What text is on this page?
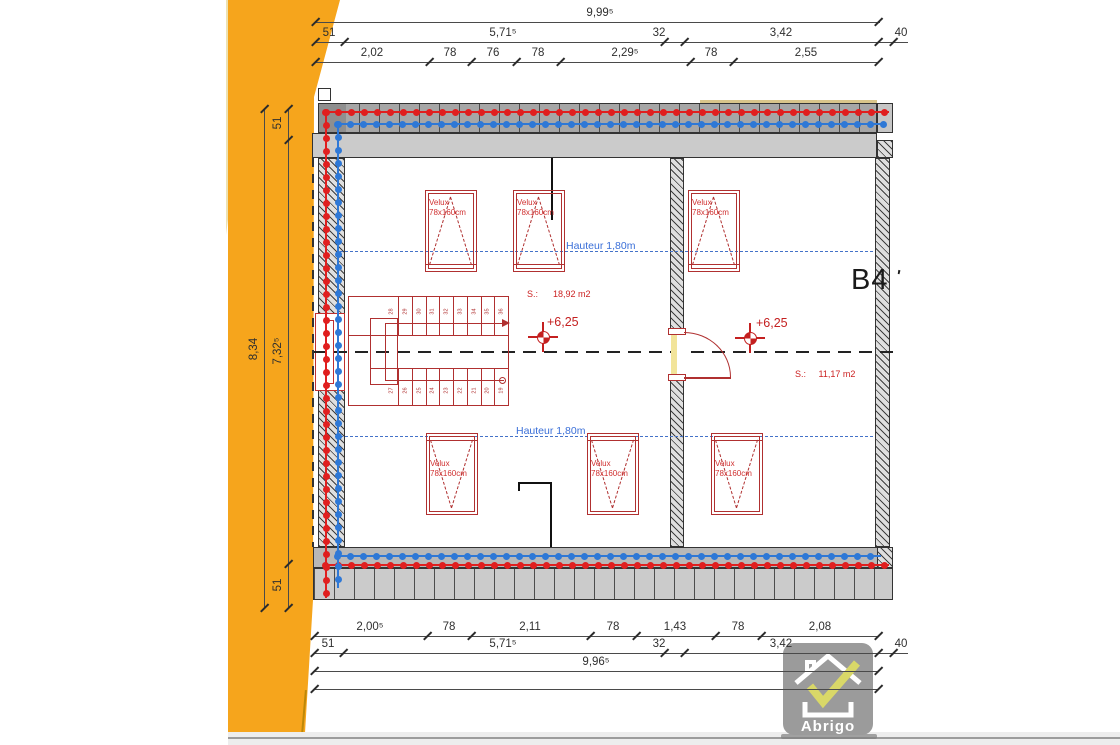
Abrigo
Hauteur 1,80m
Hauteur 1,80m
+6,25	+6,25
S.:      18,92 m2
S.:     11,17 m2
B4 '
Velux
78x160cm
Velux
78x160cm
Velux
78x160cm
Velux
78x160cm
Velux
78x160cm
Velux
78x160cm
28 29 30 31 32 33 34 35 36
27 26 25 24 23 22 21 20 19
9,99⁵
51	5,71⁵	32	3,42	40
2,02	78	76	78	2,29⁵	78	2,55
2,00⁵	78	2,11	78	1,43	78	2,08
51	5,71⁵	32	3,42	40
9,96⁵
8,34
51
7,32⁵
51
